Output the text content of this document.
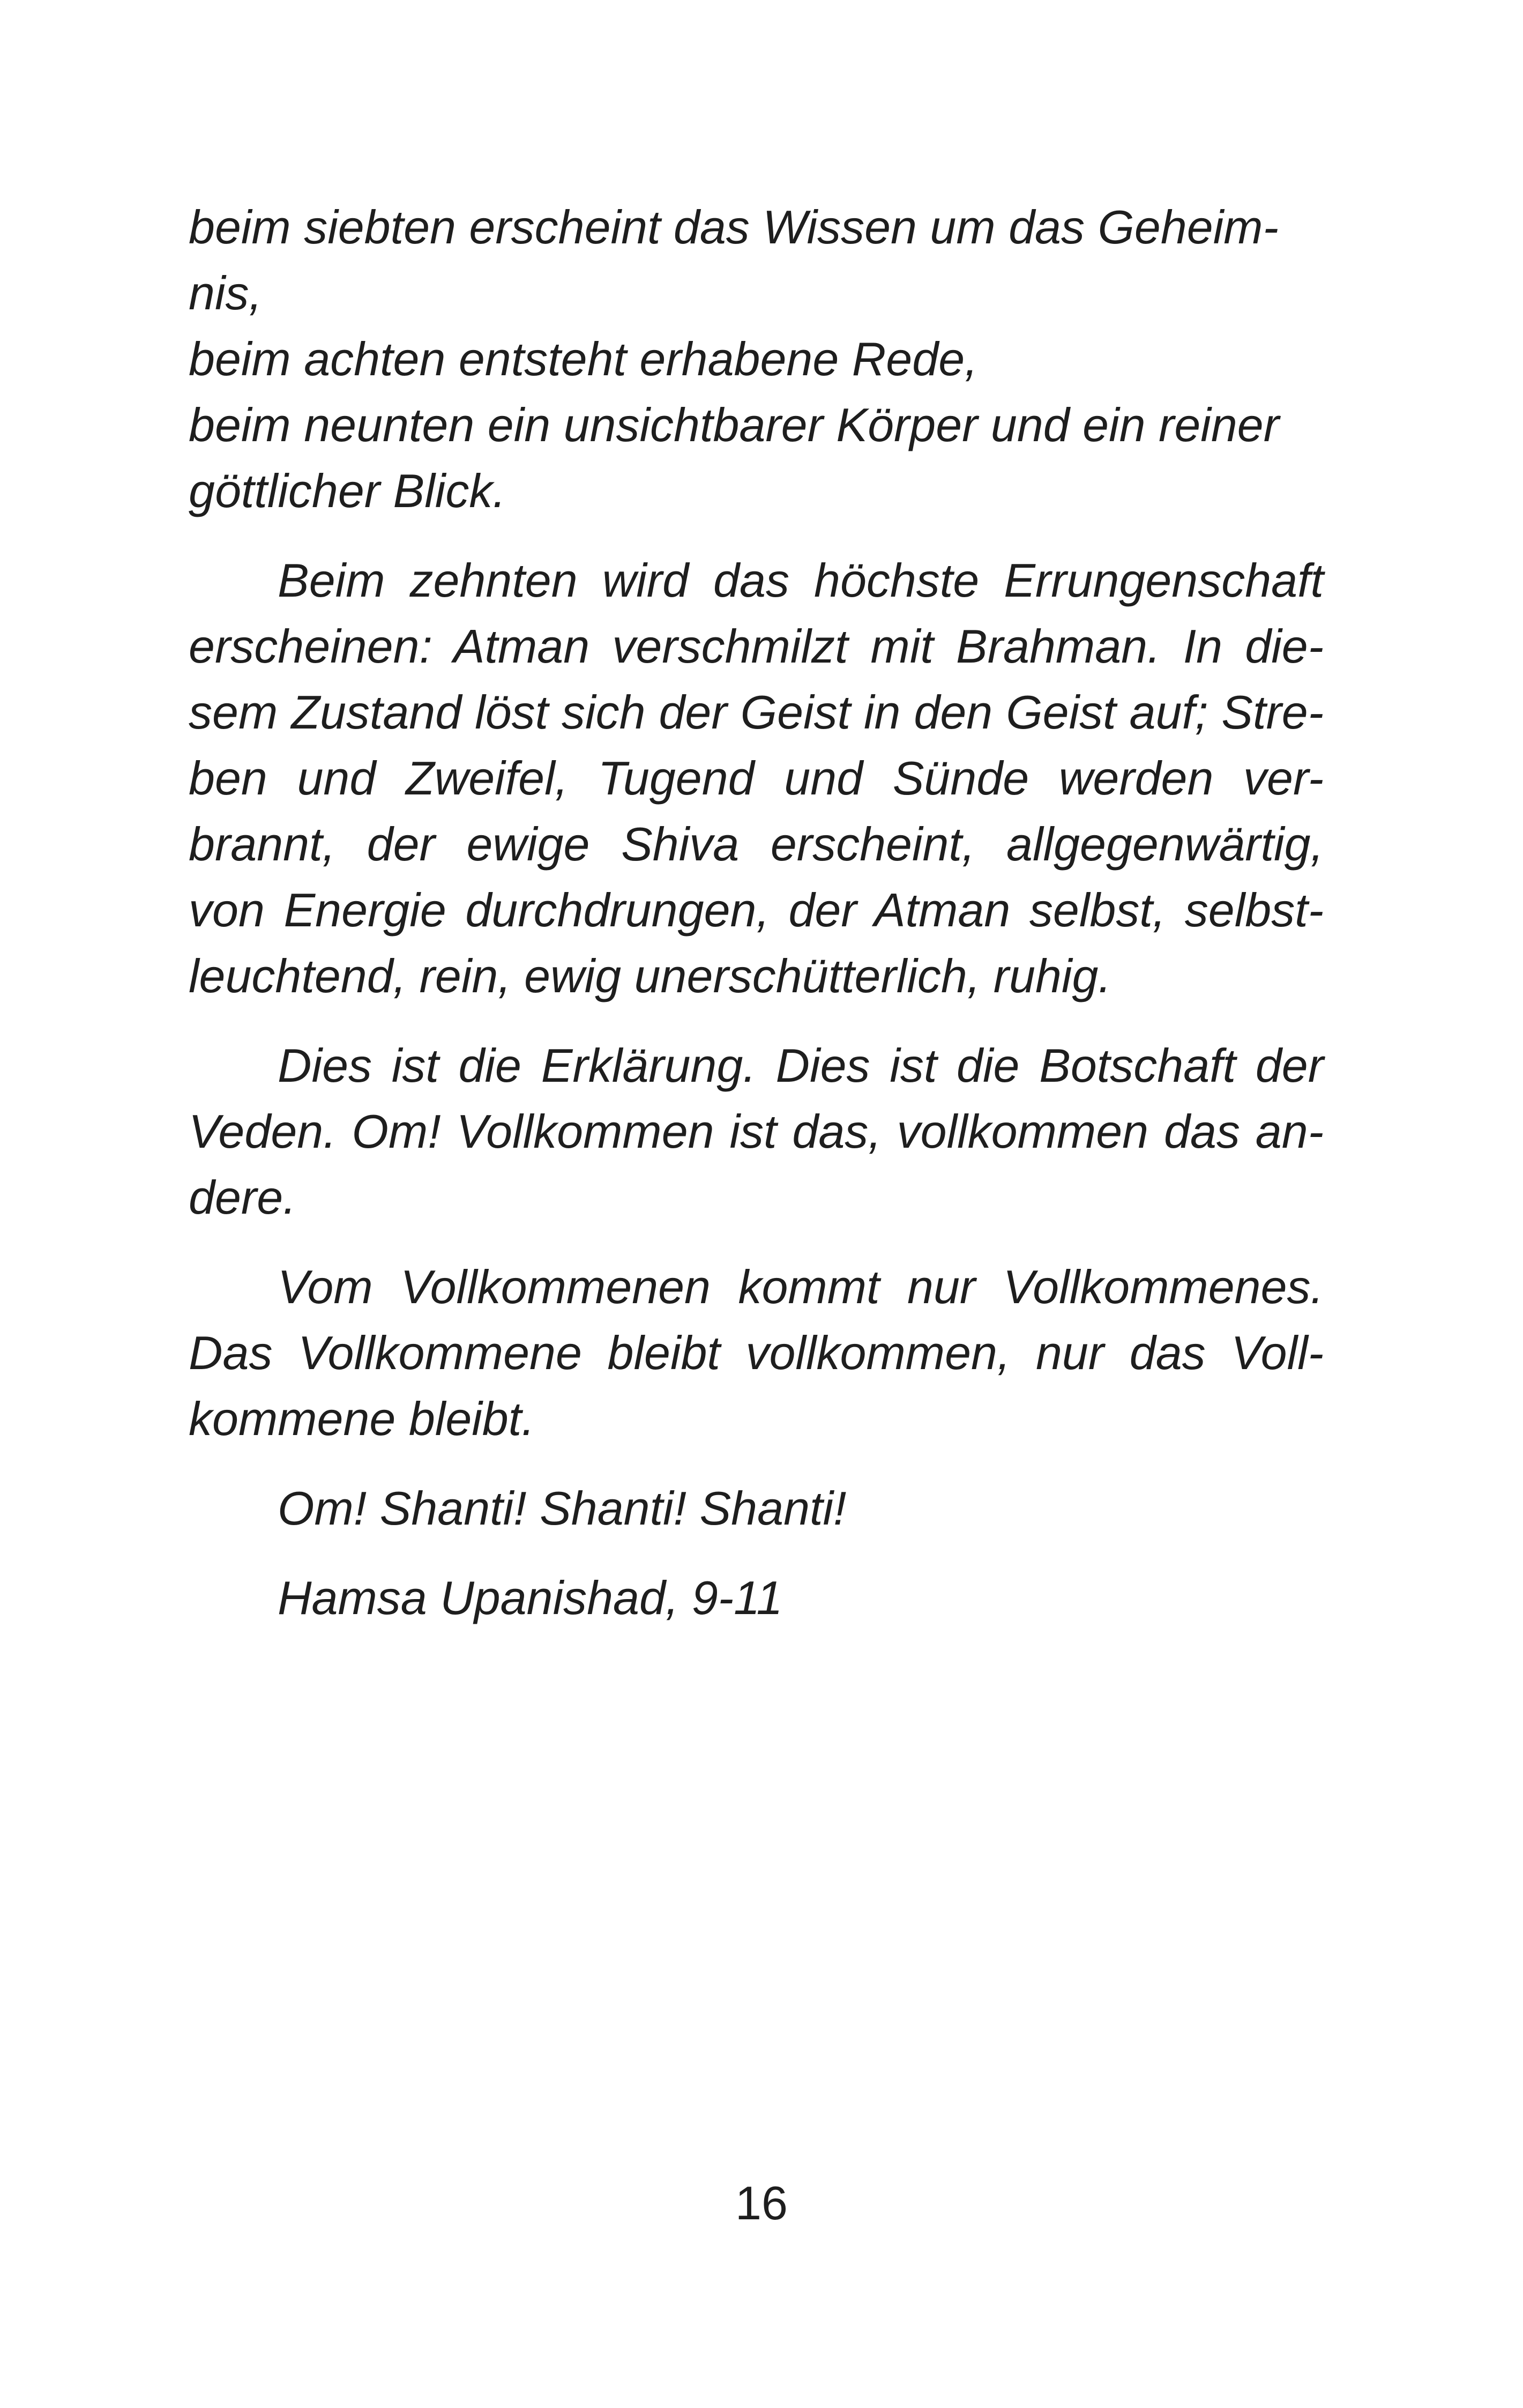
beim siebten erscheint das Wissen um das Geheim-
nis,
beim achten entsteht erhabene Rede,
beim neunten ein unsichtbarer Körper und ein reiner
göttlicher Blick.
Beim zehnten wird das höchste Errungenschaft
erscheinen: Atman verschmilzt mit Brahman. In die-
sem Zustand löst sich der Geist in den Geist auf; Stre-
ben und Zweifel, Tugend und Sünde werden ver-
brannt, der ewige Shiva erscheint, allgegenwärtig,
von Energie durchdrungen, der Atman selbst, selbst-
leuchtend, rein, ewig unerschütterlich, ruhig.
Dies ist die Erklärung. Dies ist die Botschaft der
Veden. Om! Vollkommen ist das, vollkommen das an-
dere.
Vom Vollkommenen kommt nur Vollkommenes.
Das Vollkommene bleibt vollkommen, nur das Voll-
kommene bleibt.
Om! Shanti! Shanti! Shanti!
Hamsa Upanishad, 9-11
16
